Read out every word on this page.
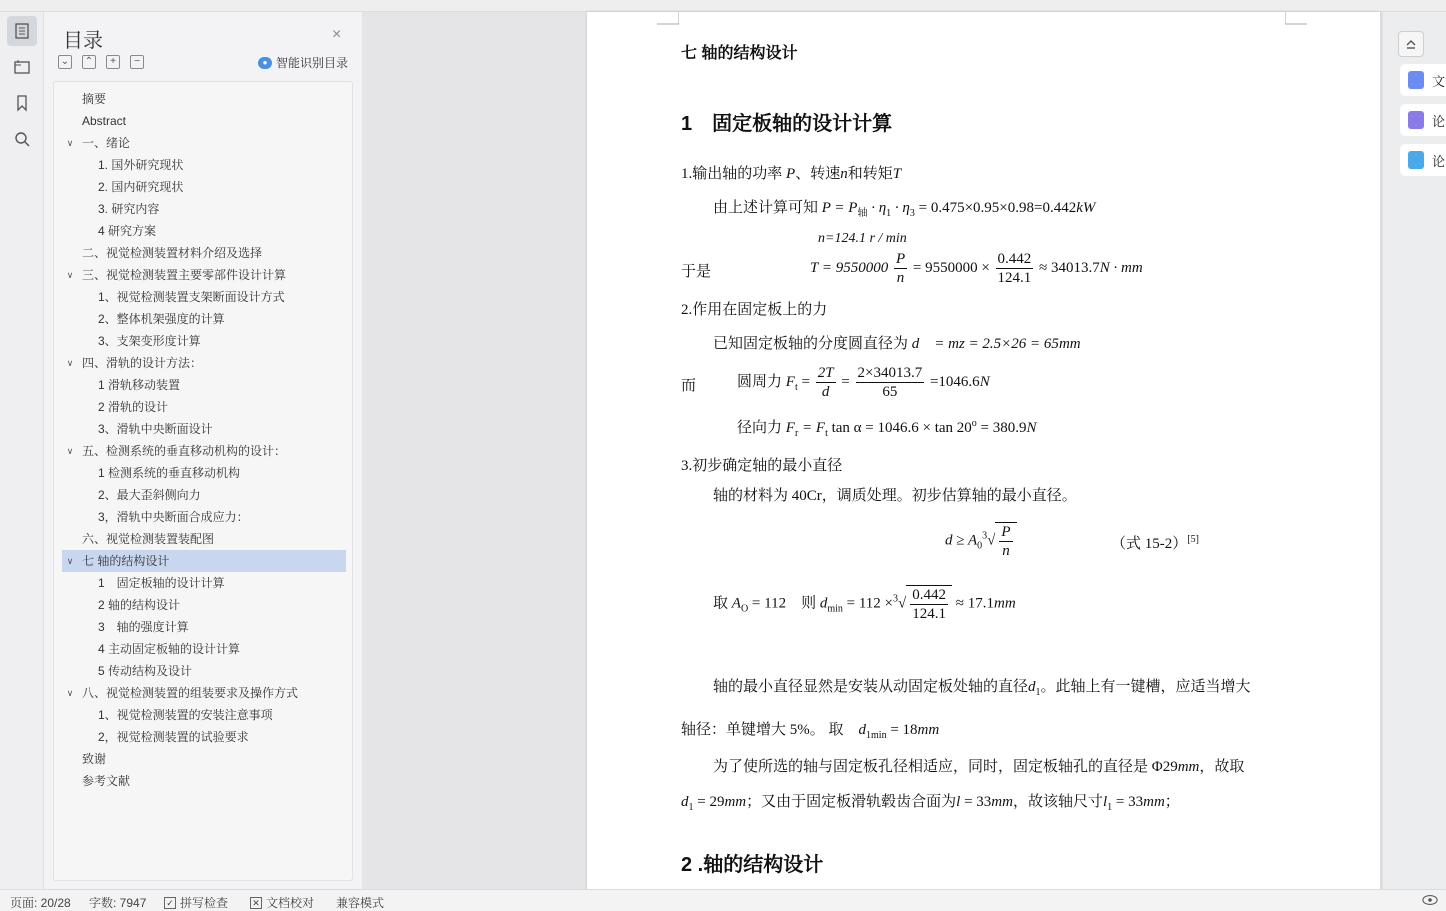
目录	×
⌄ ⌃	+	−	● 智能识别目录
摘要
Abstract
∨ 一、绪论
1. 国外研究现状
2. 国内研究现状
3. 研究内容
4 研究方案
二、视觉检测装置材料介绍及选择
∨ 三、视觉检测装置主要零部件设计计算
1、视觉检测装置支架断面设计方式
2、整体机架强度的计算
3、支架变形度计算
∨ 四、滑轨的设计方法：
1 滑轨移动装置
2 滑轨的设计
3、滑轨中央断面设计
∨ 五、检测系统的垂直移动机构的设计：
1 检测系统的垂直移动机构
2、最大歪斜侧向力
3，滑轨中央断面合成应力：
六、视觉检测装置装配图
∨ 七 轴的结构设计
1　固定板轴的设计计算
2 轴的结构设计
3　轴的强度计算
4 主动固定板轴的设计计算
5 传动结构及设计
∨ 八、视觉检测装置的组装要求及操作方式
1、视觉检测装置的安装注意事项
2，视觉检测装置的试验要求
致谢
参考文献
七 轴的结构设计
1　固定板轴的设计计算
1.输出轴的功率 P、转速n和转矩T
由上述计算可知 $P = P_轴 \cdot \eta_1 \cdot \eta_3 = 0.475\times 0.95\times 0.98=0.442kW$
n=124.1 r / min
于是	$T = 9550000 \frac{P}{n} = 9550000 \times \frac{0.442}{124.1} \approx 34013.7N$ · mm
2.作用在固定板上的力
已知固定板轴的分度圆直径为 d　= mz = 2.5×26 = 65mm
而	圆周力 $F_t = \frac{2T}{d} = \frac{2\times 34013.7}{65} =1046.6N$
径向力 $F_r = F_t$ $\tan \alpha = 1046.6 \times \tan 20^o = 380.9N$
3.初步确定轴的最小直径
轴的材料为 40Cr，调质处理。初步估算轴的最小直径。
$d \ge A_0^3√ \frac{P}{n}$	（式 15-2）[5]
取 $A_O = 112$　则 $d_{min} = 112 \times^3√ \frac{0.442}{124.1} \approx 17.1mm$
轴的最小直径显然是安装从动固定板处轴的直径$d_1$。此轴上有一键槽，应适当增大
轴径：单键增大 5%。 取　 $d_{1min} = 18mm$
为了使所选的轴与固定板孔径相适应，同时，固定板轴孔的直径是 Φ29mm，故取
$d_1 = 29mm$；又由于固定板滑轨毂齿合面为l = 33mm，故该轴尺寸$l_1 = 33mm$；
2 .轴的结构设计
文
论
论
页面: 20/28 字数: 7947 ✓ 拼写检查	✕ 文档校对 兼容模式
